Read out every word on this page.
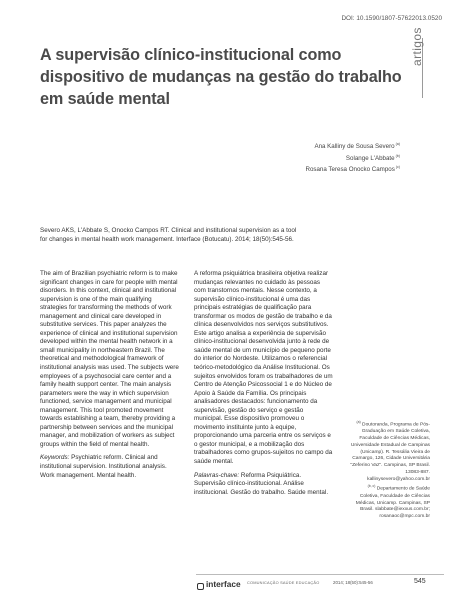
DOI: 10.1590/1807-57622013.0520
artigos
A supervisão clínico-institucional como dispositivo de mudanças na gestão do trabalho em saúde mental
Ana Kalliny de Sousa Severo$^{(a)}$
Solange L'Abbate$^{(b)}$
Rosana Teresa Onocko Campos$^{(c)}$
Severo AKS, L'Abbate S, Onocko Campos RT. Clinical and institutional supervision as a tool for changes in mental health work management. Interface (Botucatu). 2014; 18(50):545-56.

The aim of Brazilian psychiatric reform is to make significant changes in care for people with mental disorders. In this context, clinical and institutional supervision is one of the main qualifying strategies for transforming the methods of work management and clinical care developed in substitutive services. This paper analyzes the experience of clinical and institutional supervision developed within the mental health network in a small municipality in northeastern Brazil. The theoretical and methodological framework of institutional analysis was used. The subjects were employees of a psychosocial care center and a family health support center. The main analysis parameters were the way in which supervision functioned, service management and municipal management. This tool promoted movement towards establishing a team, thereby providing a partnership between services and the municipal manager, and mobilization of workers as subject groups within the field of mental health.

Keywords: Psychiatric reform. Clinical and institutional supervision. Institutional analysis. Work management. Mental health.

A reforma psiquiátrica brasileira objetiva realizar mudanças relevantes no cuidado às pessoas com transtornos mentais. Nesse contexto, a supervisão clínico-institucional é uma das principais estratégias de qualificação para transformar os modos de gestão de trabalho e da clínica desenvolvidos nos serviços substitutivos. Este artigo analisa a experiência de supervisão clínico-institucional desenvolvida junto à rede de saúde mental de um município de pequeno porte do interior do Nordeste. Utilizamos o referencial teórico-metodológico da Análise Institucional. Os sujeitos envolvidos foram os trabalhadores de um Centro de Atenção Psicossocial 1 e do Núcleo de Apoio à Saúde da Família. Os principais analisadores destacados: funcionamento da supervisão, gestão do serviço e gestão municipal. Esse dispositivo promoveu o movimento instituinte junto à equipe, proporcionando uma parceria entre os serviços e o gestor municipal, e a mobilização dos trabalhadores como grupos-sujeitos no campo da saúde mental.

Palavras-chave: Reforma Psiquiátrica. Supervisão clínico-institucional. Análise institucional. Gestão do trabalho. Saúde mental.

$^{(a)}$ Doutoranda, Programa de Pós-Graduação em Saúde Coletiva, Faculdade de Ciências Médicas, Universidade Estadual de Campinas (Unicamp). R. Tessália Vieira de Camargo, 126, Cidade Universitária "Zeferino Vaz". Campinas, SP Brasil. 13083-887. kallinysevero@yahoo.com.br

$^{(b, c)}$ Departamento de Saúde Coletiva, Faculdade de Ciências Médicas, Unicamp. Campinas, SP Brasil. slabbate@iexxus.com.br; rosanaoc@mpc.com.br

interface COMUNICAÇÃO SAÚDE EDUCAÇÃO	2014; 18(50):545-56	545
